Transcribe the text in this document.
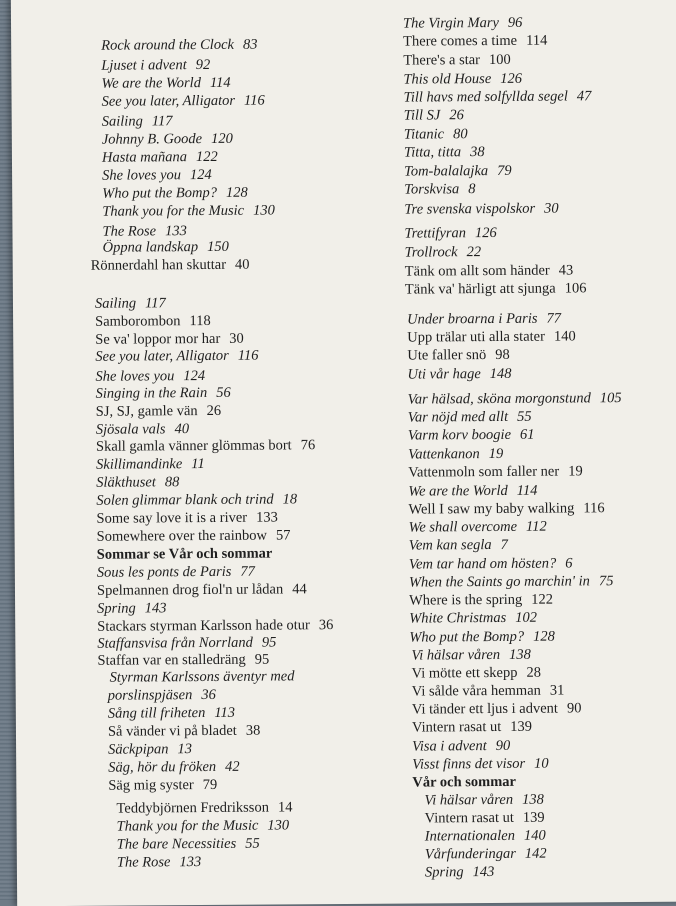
Rock around the Clock 83
Ljuset i advent 92
We are the World 114
See you later, Alligator 116
Sailing 117
Johnny B. Goode 120
Hasta mañana 122
She loves you 124
Who put the Bomp? 128
Thank you for the Music 130
The Rose 133
Öppna landskap 150
Rönnerdahl han skuttar 40
Sailing 117
Samborombon 118
Se va' loppor mor har 30
See you later, Alligator 116
She loves you 124
Singing in the Rain 56
SJ, SJ, gamle vän 26
Sjösala vals 40
Skall gamla vänner glömmas bort 76
Skillimandinke 11
Släkthuset 88
Solen glimmar blank och trind 18
Some say love it is a river 133
Somewhere over the rainbow 57
Sommar se Vår och sommar
Sous les ponts de Paris 77
Spelmannen drog fiol'n ur lådan 44
Spring 143
Stackars styrman Karlsson hade otur 36
Staffansvisa från Norrland 95
Staffan var en stalledräng 95
Styrman Karlssons äventyr med
porslinspjäsen 36
Sång till friheten 113
Så vänder vi på bladet 38
Säckpipan 13
Säg, hör du fröken 42
Säg mig syster 79
Teddybjörnen Fredriksson 14
Thank you for the Music 130
The bare Necessities 55
The Rose 133
The Virgin Mary 96
There comes a time 114
There's a star 100
This old House 126
Till havs med solfyllda segel 47
Till SJ 26
Titanic 80
Titta, titta 38
Tom-balalajka 79
Torskvisa 8
Tre svenska vispolskor 30
Trettifyran 126
Trollrock 22
Tänk om allt som händer 43
Tänk va' härligt att sjunga 106
Under broarna i Paris 77
Upp trälar uti alla stater 140
Ute faller snö 98
Uti vår hage 148
Var hälsad, sköna morgonstund 105
Var nöjd med allt 55
Varm korv boogie 61
Vattenkanon 19
Vattenmoln som faller ner 19
We are the World 114
Well I saw my baby walking 116
We shall overcome 112
Vem kan segla 7
Vem tar hand om hösten? 6
When the Saints go marchin' in 75
Where is the spring 122
White Christmas 102
Who put the Bomp? 128
Vi hälsar våren 138
Vi mötte ett skepp 28
Vi sålde våra hemman 31
Vi tänder ett ljus i advent 90
Vintern rasat ut 139
Visa i advent 90
Visst finns det visor 10
Vår och sommar
Vi hälsar våren 138
Vintern rasat ut 139
Internationalen 140
Vårfunderingar 142
Spring 143
